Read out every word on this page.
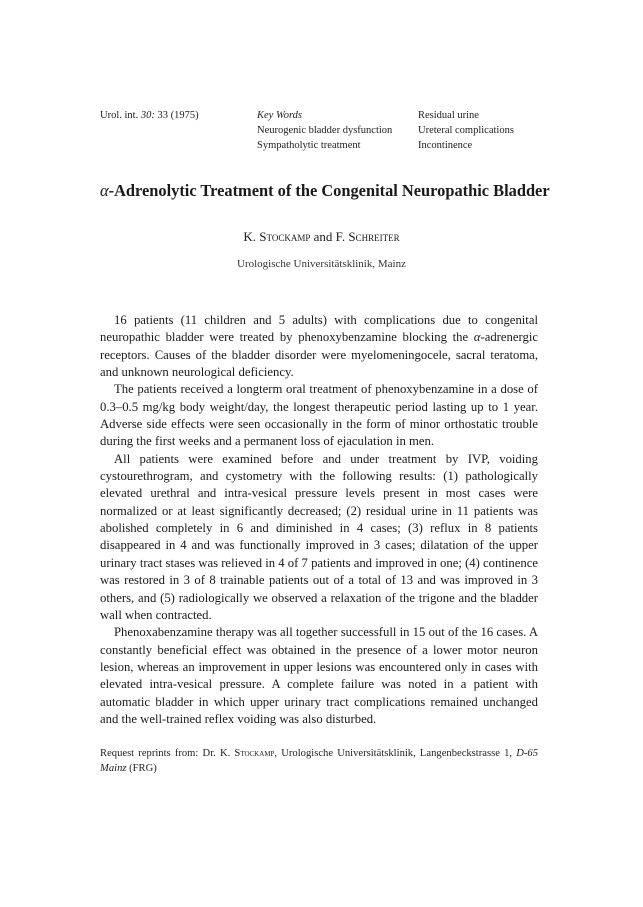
Urol. int. 30: 33 (1975)	Key Words
Neurogenic bladder dysfunction
Sympatholytic treatment
Residual urine
Ureteral complications
Incontinence
α-Adrenolytic Treatment of the Congenital Neuropathic Bladder
K. Stockamp and F. Schreiter
Urologische Universitätsklinik, Mainz

16 patients (11 children and 5 adults) with complications due to congenital neuropathic bladder were treated by phenoxybenzamine blocking the α-adrenergic receptors. Causes of the bladder disorder were myelomeningocele, sacral teratoma, and unknown neurological deficiency.

The patients received a longterm oral treatment of phenoxybenzamine in a dose of 0.3–0.5 mg/kg body weight/day, the longest therapeutic period lasting up to 1 year. Adverse side effects were seen occasionally in the form of minor orthostatic trouble during the first weeks and a permanent loss of ejaculation in men.

All patients were examined before and under treatment by IVP, voiding cystourethrogram, and cystometry with the following results: (1) pathologically elevated urethral and intra-vesical pressure levels present in most cases were normalized or at least significantly decreased; (2) residual urine in 11 patients was abolished completely in 6 and diminished in 4 cases; (3) reflux in 8 patients disappeared in 4 and was functionally improved in 3 cases; dilatation of the upper urinary tract stases was relieved in 4 of 7 patients and improved in one; (4) continence was restored in 3 of 8 trainable patients out of a total of 13 and was improved in 3 others, and (5) radiologically we observed a relaxation of the trigone and the bladder wall when contracted.

Phenoxabenzamine therapy was all together successfull in 15 out of the 16 cases. A constantly beneficial effect was obtained in the presence of a lower motor neuron lesion, whereas an improvement in upper lesions was encountered only in cases with elevated intra-vesical pressure. A complete failure was noted in a patient with automatic bladder in which upper urinary tract complications remained unchanged and the well-trained reflex voiding was also disturbed.

Request reprints from: Dr. K. Stockamp, Urologische Universitätsklinik, Langenbeckstrasse 1, D-65 Mainz (FRG)
